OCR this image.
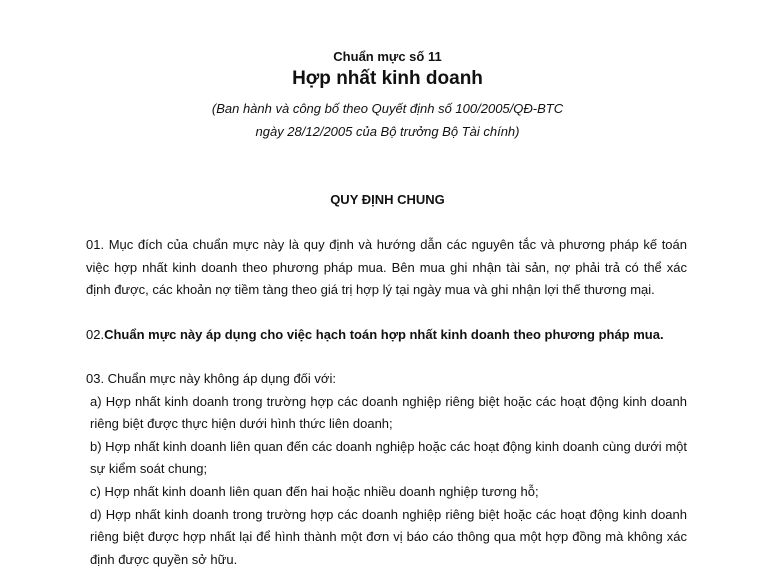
Chuẩn mực số 11
Hợp nhất kinh doanh
(Ban hành và công bố theo Quyết định số 100/2005/QĐ-BTC
ngày 28/12/2005 của Bộ trưởng Bộ Tài chính)
QUY ĐỊNH CHUNG
01. Mục đích của chuẩn mực này là quy định và hướng dẫn các nguyên tắc và phương pháp kế toán việc hợp nhất kinh doanh theo phương pháp mua. Bên mua ghi nhận tài sản, nợ phải trả có thể xác định được, các khoản nợ tiềm tàng theo giá trị hợp lý tại ngày mua và ghi nhận lợi thế thương mại.
02.Chuẩn mực này áp dụng cho việc hạch toán hợp nhất kinh doanh theo phương pháp mua.
03. Chuẩn mực này không áp dụng đối với:
a) Hợp nhất kinh doanh trong trường hợp các doanh nghiệp riêng biệt hoặc các hoạt động kinh doanh riêng biệt được thực hiện dưới hình thức liên doanh;
b) Hợp nhất kinh doanh liên quan đến các doanh nghiệp hoặc các hoạt động kinh doanh cùng dưới một sự kiểm soát chung;
c) Hợp nhất kinh doanh liên quan đến hai hoặc nhiều doanh nghiệp tương hỗ;
d) Hợp nhất kinh doanh trong trường hợp các doanh nghiệp riêng biệt hoặc các hoạt động kinh doanh riêng biệt được hợp nhất lại để hình thành một đơn vị báo cáo thông qua một hợp đồng mà không xác định được quyền sở hữu.
